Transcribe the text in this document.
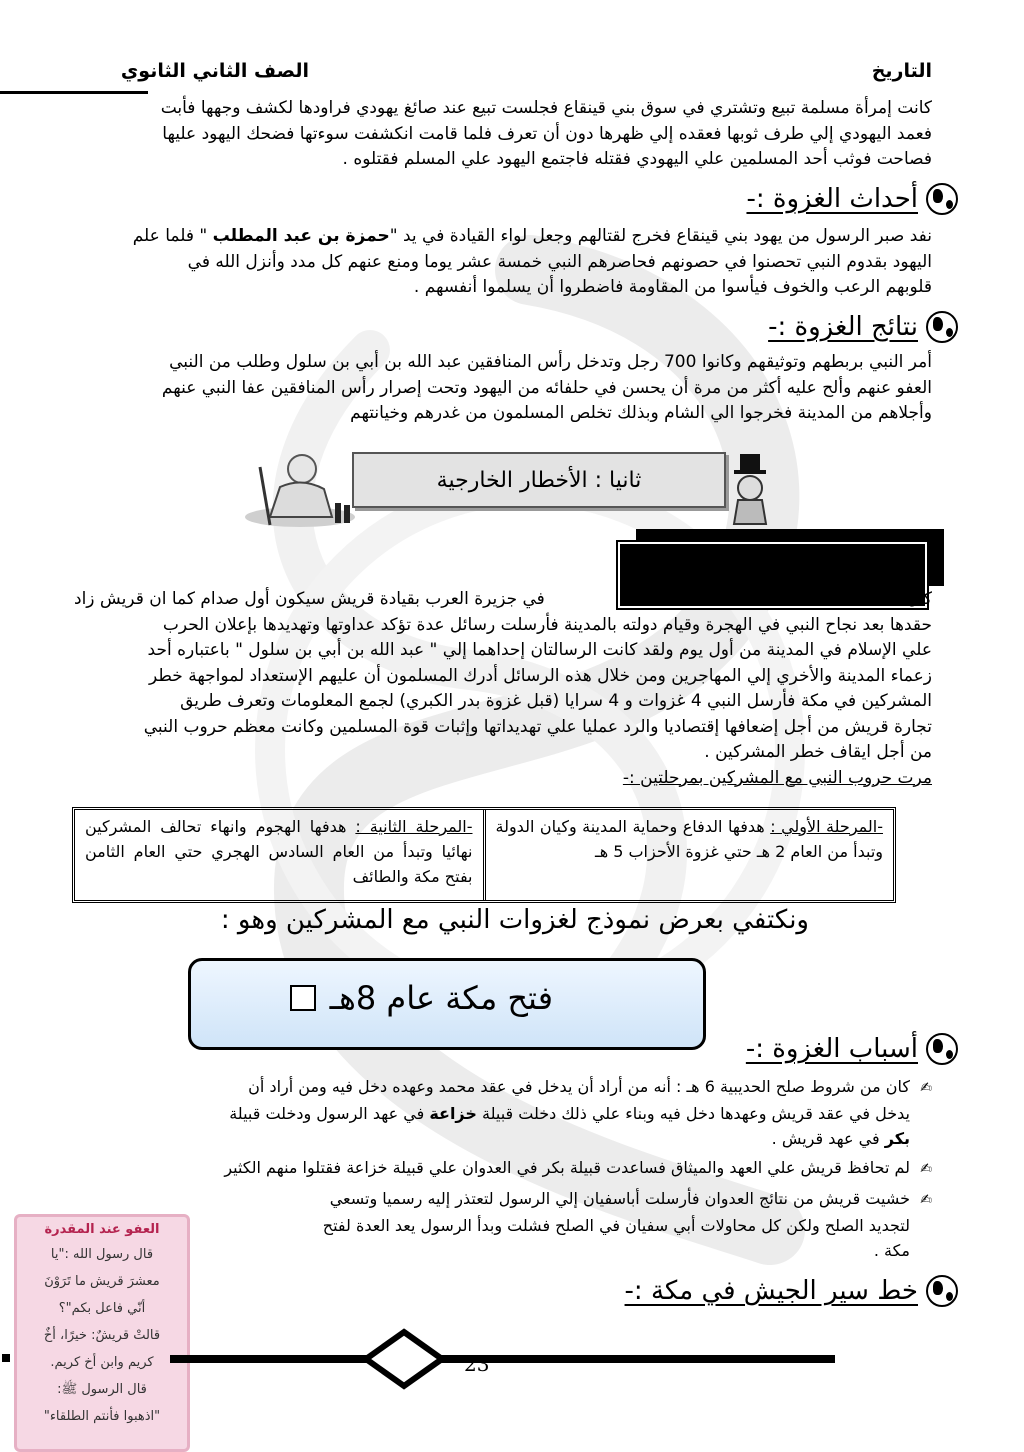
التاريخ
الصف الثاني الثانوي

كانت إمرأة مسلمة تبيع وتشتري في سوق بني قينقاع فجلست تبيع عند صائغ يهودي فراودها لكشف وجهها فأبت

فعمد اليهودي إلي طرف ثوبها فعقده إلي ظهرها دون أن تعرف فلما قامت انكشفت سوءتها فضحك اليهود عليها

فصاحت فوثب أحد المسلمين علي اليهودي فقتله فاجتمع اليهود علي المسلم فقتلوه .

أحداث الغزوة :-

نفد صبر الرسول من يهود بني قينقاع فخرج لقتالهم وجعل لواء القيادة في يد "حمزة بن عبد المطلب " فلما علم

اليهود بقدوم النبي تحصنوا في حصونهم فحاصرهم النبي خمسة عشر يوما ومنع عنهم كل مدد وأنزل الله في

قلوبهم الرعب والخوف فيأسوا من المقاومة فاضطروا أن يسلموا أنفسهم .

نتائج الغزوة :-

أمر النبي بربطهم وتوثيقهم وكانوا 700 رجل وتدخل رأس المنافقين عبد الله بن أبي بن سلول وطلب من النبي

العفو عنهم وألح عليه أكثر من مرة أن يحسن في حلفائه من اليهود وتحت إصرار رأس المنافقين عفا النبي عنهم

وأجلاهم من المدينة فخرجوا الي الشام وبذلك تخلص المسلمون من غدرهم وخيانتهم

ثانيا : الأخطار الخارجية

كان
في جزيرة العرب بقيادة قريش سيكون أول صدام كما ان قريش زاد

حقدها بعد نجاح النبي في الهجرة وقيام دولته بالمدينة فأرسلت رسائل عدة تؤكد عداوتها وتهديدها بإعلان الحرب

علي الإسلام في المدينة من أول يوم ولقد كانت الرسالتان إحداهما إلي " عبد الله بن أبي بن سلول " باعتباره أحد

زعماء المدينة والأخري إلي المهاجرين ومن خلال هذه الرسائل أدرك المسلمون أن عليهم الإستعداد لمواجهة خطر

المشركين في مكة فأرسل النبي 4 غزوات و 4 سرايا (قبل غزوة بدر الكبري) لجمع المعلومات وتعرف طريق

تجارة قريش من أجل إضعافها إقتصاديا والرد عمليا علي تهديداتها وإثبات قوة المسلمين وكانت معظم حروب النبي

من أجل ايقاف خطر المشركين .

مرت حروب النبي مع المشركين بمرحلتين :-

-المرحلة الأولي : هدفها الدفاع وحماية المدينة وكيان الدولة وتبدأ من العام 2 هـ حتي غزوة الأحزاب 5 هـ
-المرحلة الثانية : هدفها الهجوم وانهاء تحالف المشركين نهائيا وتبدأ من العام السادس الهجري حتي العام الثامن بفتح مكة والطائف
ونكتفي بعرض نموذج لغزوات النبي مع المشركين وهو :
فتح مكة عام 8هـ
أسباب الغزوة :-
✍كان من شروط صلح الحديبية 6 هـ : أنه من أراد أن يدخل في عقد محمد وعهده دخل فيه ومن أراد أن
يدخل في عقد قريش وعهدها دخل فيه وبناء علي ذلك دخلت قبيلة خزاعة في عهد الرسول ودخلت قبيلة
بكر في عهد قريش .
✍لم تحافظ قريش علي العهد والميثاق فساعدت قبيلة بكر في العدوان علي قبيلة خزاعة فقتلوا منهم الكثير
✍خشيت قريش من نتائج العدوان فأرسلت أباسفيان إلي الرسول لتعتذر إليه رسميا وتسعي
لتجديد الصلح ولكن كل محاولات أبي سفيان في الصلح فشلت وبدأ الرسول يعد العدة لفتح
مكة .
العفو عند المقدرة
قال رسول الله :"يا
معشرَ قريش ما تَرَوْنَ
أنّي فاعل بكم"؟
قالتْ قريشٌ: خيرًا، أخٌ
كريم وابن أخ كريم.
قال الرسول ﷺ:
"اذهبوا فأنتم الطلقاء"
خط سير الجيش في مكة :-
23
